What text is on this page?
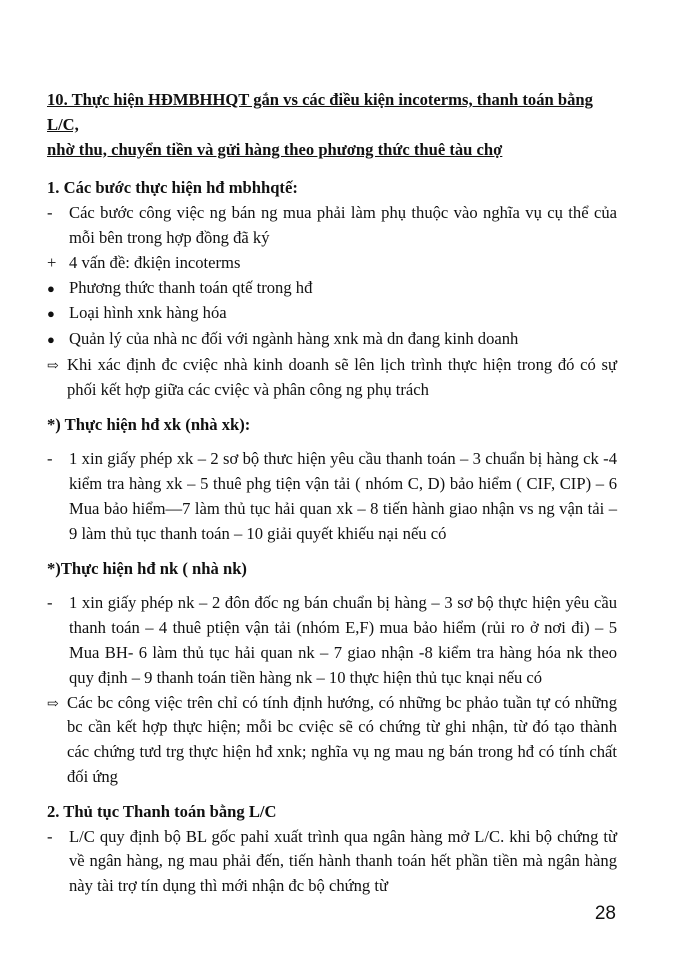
10. Thực hiện HĐMBHHQT gắn vs các điều kiện incoterms, thanh toán bằng L/C,

nhờ thu, chuyển tiền và gửi hàng theo phương thức thuê tàu chợ

1. Các bước thực hiện hđ mbhhqtế:

- Các bước công việc ng bán ng mua phải làm phụ thuộc vào nghĩa vụ cụ thể của mỗi bên trong hợp đồng đã ký
+ 4 vấn đề: đkiện incoterms
● Phương thức thanh toán qtế trong hđ
● Loại hình xnk hàng hóa
● Quản lý của nhà nc đối với ngành hàng xnk mà dn đang kinh doanh
⇨ Khi xác định đc cviệc nhà kinh doanh sẽ lên lịch trình thực hiện trong đó có sự phối kết hợp giữa các cviệc và phân công ng phụ trách

*) Thực hiện hđ xk (nhà xk):

- 1 xin giấy phép xk – 2 sơ bộ thưc hiện yêu cầu thanh toán – 3 chuẩn bị hàng ck -4 kiểm tra hàng xk – 5 thuê phg tiện vận tải ( nhóm C, D) bảo hiểm ( CIF, CIP) – 6 Mua bảo hiểm—7 làm thủ tục hải quan xk – 8 tiến hành giao nhận vs ng vận tải – 9 làm thủ tục thanh toán – 10 giải quyết khiếu nại nếu có

*)Thực hiện hđ nk ( nhà nk)

- 1 xin giấy phép nk – 2 đôn đốc ng bán chuẩn bị hàng – 3 sơ bộ thực hiện yêu cầu thanh toán – 4 thuê ptiện vận tải (nhóm E,F) mua bảo hiểm (rủi ro ở nơi đi) – 5 Mua BH- 6 làm thủ tục hải quan nk – 7 giao nhận -8 kiểm tra hàng hóa nk theo quy định – 9 thanh toán tiền hàng nk – 10 thực hiện thủ tục knại nếu có
⇨ Các bc công việc trên chỉ có tính định hướng, có những bc phảo tuần tự có những bc cần kết hợp thực hiện; mỗi bc cviệc sẽ có chứng từ ghi nhận, từ đó tạo thành các chứng tưd trg thực hiện hđ xnk; nghĩa vụ ng mau ng bán trong hđ có tính chất đối ứng

2. Thủ tục Thanh toán bằng L/C

- L/C quy định bộ BL gốc pahỉ xuất trình qua ngân hàng mở L/C. khi bộ chứng từ về ngân hàng, ng mau phải đến, tiến hành thanh toán hết phần tiền mà ngân hàng này tài trợ tín dụng thì mới nhận đc bộ chứng từ
28
